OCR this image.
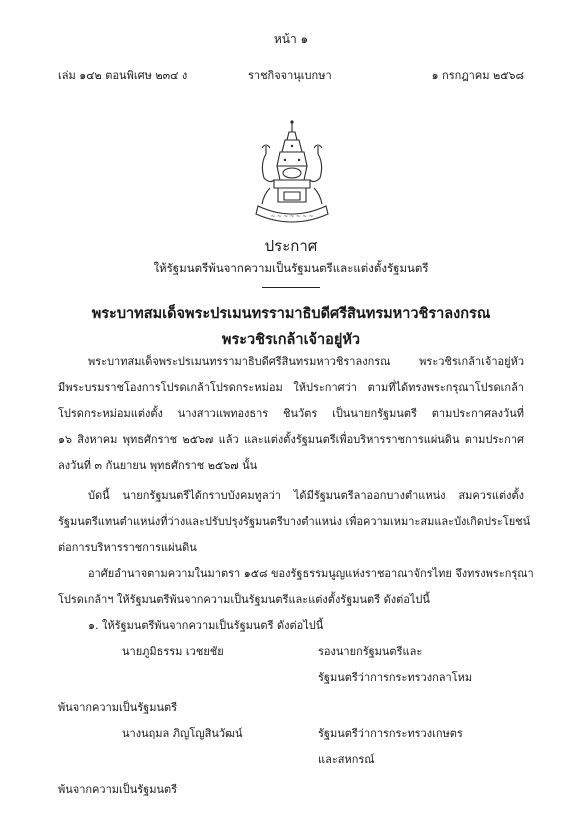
หน้า ๑
เล่ม ๑๔๒ ตอนพิเศษ ๒๓๔ ง	ราชกิจจานุเบกษา	๑ กรกฎาคม ๒๕๖๘
~ ~ ~ ~ ~ ~ ~
ประกาศ
ให้รัฐมนตรีพ้นจากความเป็นรัฐมนตรีและแต่งตั้งรัฐมนตรี
พระบาทสมเด็จพระปรเมนทรรามาธิบดีศรีสินทรมหาวชิราลงกรณ
พระวชิรเกล้าเจ้าอยู่หัว
พระบาทสมเด็จพระปรเมนทรรามาธิบดีศรีสินทรมหาวชิราลงกรณ พระวชิรเกล้าเจ้าอยู่หัว
มีพระบรมราชโองการโปรดเกล้าโปรดกระหม่อม ให้ประกาศว่า ตามที่ได้ทรงพระกรุณาโปรดเกล้า
โปรดกระหม่อมแต่งตั้ง นางสาวแพทองธาร ชินวัตร เป็นนายกรัฐมนตรี ตามประกาศลงวันที่
๑๖ สิงหาคม พุทธศักราช ๒๕๖๗ แล้ว และแต่งตั้งรัฐมนตรีเพื่อบริหารราชการแผ่นดิน ตามประกาศ
ลงวันที่ ๓ กันยายน พุทธศักราช ๒๕๖๗ นั้น
บัดนี้ นายกรัฐมนตรีได้กราบบังคมทูลว่า ได้มีรัฐมนตรีลาออกบางตำแหน่ง สมควรแต่งตั้ง
รัฐมนตรีแทนตำแหน่งที่ว่างและปรับปรุงรัฐมนตรีบางตำแหน่ง เพื่อความเหมาะสมและบังเกิดประโยชน์
ต่อการบริหารราชการแผ่นดิน
อาศัยอำนาจตามความในมาตรา ๑๕๘ ของรัฐธรรมนูญแห่งราชอาณาจักรไทย จึงทรงพระกรุณา
โปรดเกล้าฯ ให้รัฐมนตรีพ้นจากความเป็นรัฐมนตรีและแต่งตั้งรัฐมนตรี ดังต่อไปนี้
๑. ให้รัฐมนตรีพ้นจากความเป็นรัฐมนตรี ดังต่อไปนี้
นายภูมิธรรม เวชยชัย	รองนายกรัฐมนตรีและ
รัฐมนตรีว่าการกระทรวงกลาโหม
พ้นจากความเป็นรัฐมนตรี
นางนฤมล ภิญโญสินวัฒน์	รัฐมนตรีว่าการกระทรวงเกษตร
และสหกรณ์
พ้นจากความเป็นรัฐมนตรี
